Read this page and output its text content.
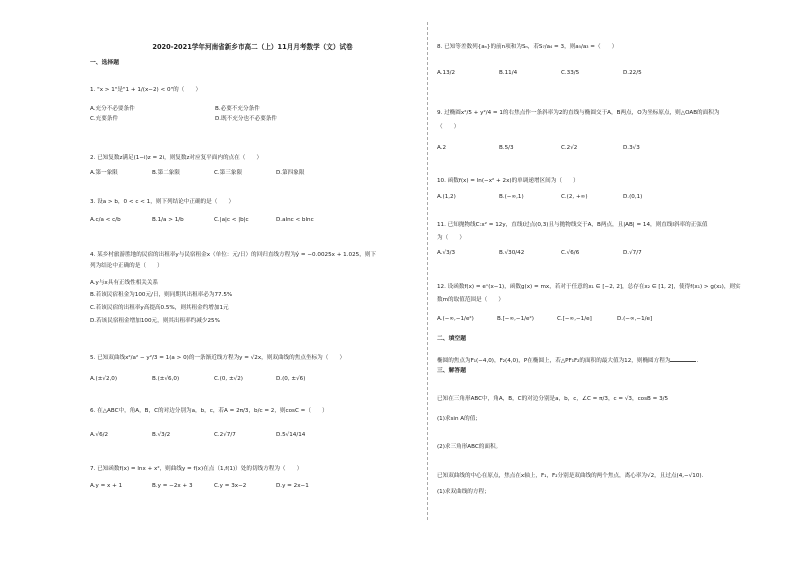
2020-2021学年河南省新乡市高二（上）11月月考数学（文）试卷
一、选择题
1. "x > 1"是"1 + 1/(x−2) < 0"的（　　）
A.充分不必要条件	B.必要不充分条件
C.充要条件	D.既不充分也不必要条件
2. 已知复数z满足(1−i)z = 2i，则复数z对应复平面内的点在（　　）
A.第一象限	B.第二象限	C.第三象限	D.第四象限
3. 设a > b，0 < c < 1，则下列结论中正确的是（　　）
A.c/a < c/b	B.1/a > 1/b	C.|a|c < |b|c	D.alnc < blnc
4. 某乡村旅游胜地的民宿的出租率y与民宿租金x（单位：元/日）的回归直线方程为ŷ = −0.0025x + 1.025，则下
列为结论中正确的是（　　）
A.y与x具有正线性相关关系
B.若该民宿租金为100元/日，则同期其出租率必为77.5%
C.若该民宿的出租率y高提高0.5%，则其租金约增加1元
D.若该民宿租金增加100元，则其出租率约减少25%
5. 已知双曲线x²/a² − y²/3 = 1(a > 0)的一条渐近线方程为y = √2x，则双曲线的焦点坐标为（　　）
A.(±√2,0)	B.(±√6,0)	C.(0, ±√2)	D.(0, ±√6)
6. 在△ABC中，角A，B，C的对边分别为a，b，c，若A = 2π/3，b/c = 2，则cosC =（　　）
A.√6/2	B.√3/2	C.2√7/7	D.5√14/14
7. 已知函数f(x) = lnx + x²，则曲线y = f(x)在点（1,f(1)）处的切线方程为（　　）
A.y = x + 1	B.y = −2x + 3	C.y = 3x−2	D.y = 2x−1
8. 已知等差数列{aₙ}的前n项和为Sₙ，若S₇/a₄ = 3，则a₅/a₃ =（　　）
A.13/2	B.11/4	C.33/5	D.22/5
9. 过椭圆x²/5 + y²/4 = 1的右焦点作一条斜率为2的直线与椭圆交于A，B两点，O为坐标原点，则△OAB的面积为
（　　）
A.2	B.5/3	C.2√2	D.3√3
10. 函数f(x) = ln(−x² + 2x)的单调递增区间为（　　）
A.(1,2)	B.(−∞,1)	C.(2, +∞)	D.(0,1)
11. 已知抛物线C:x² = 12y，直线l过点(0,3)且与抛物线交于A，B两点，且|AB| = 14，则直线l斜率的正弦值
为（　　）
A.√3/3	B.√30/42	C.√6/6	D.√7/7
12. 设函数f(x) = eˣ(x−1)，函数g(x) = mx，若对于任意的x₁ ∈ [−2, 2]，总存在x₂ ∈ [1, 2]，使得f(x₁) > g(x₂)，则实
数m的取值范围是（　　）
A.(−∞,−1/e²)	B.[−∞,−1/e²)	C.[−∞,−1/e]	D.(−∞,−1/e]
二、填空题
椭圆的焦点为F₁(−4,0)，F₂(4,0)，P在椭圆上，若△PF₁F₂的面积的最大值为12，则椭圆方程为	.
三、解答题
已知在三角形ABC中，角A，B，C的对边分别是a，b，c，∠C = π/3，c = √3，cosB = 3/5
(1)求sin A的值；
(2)求三角形ABC的面积。
已知双曲线的中心在原点，焦点在x轴上，F₁，F₂分别是双曲线的两个焦点，离心率为√2，且过点(4,−√10).
(1)求双曲线的方程；
